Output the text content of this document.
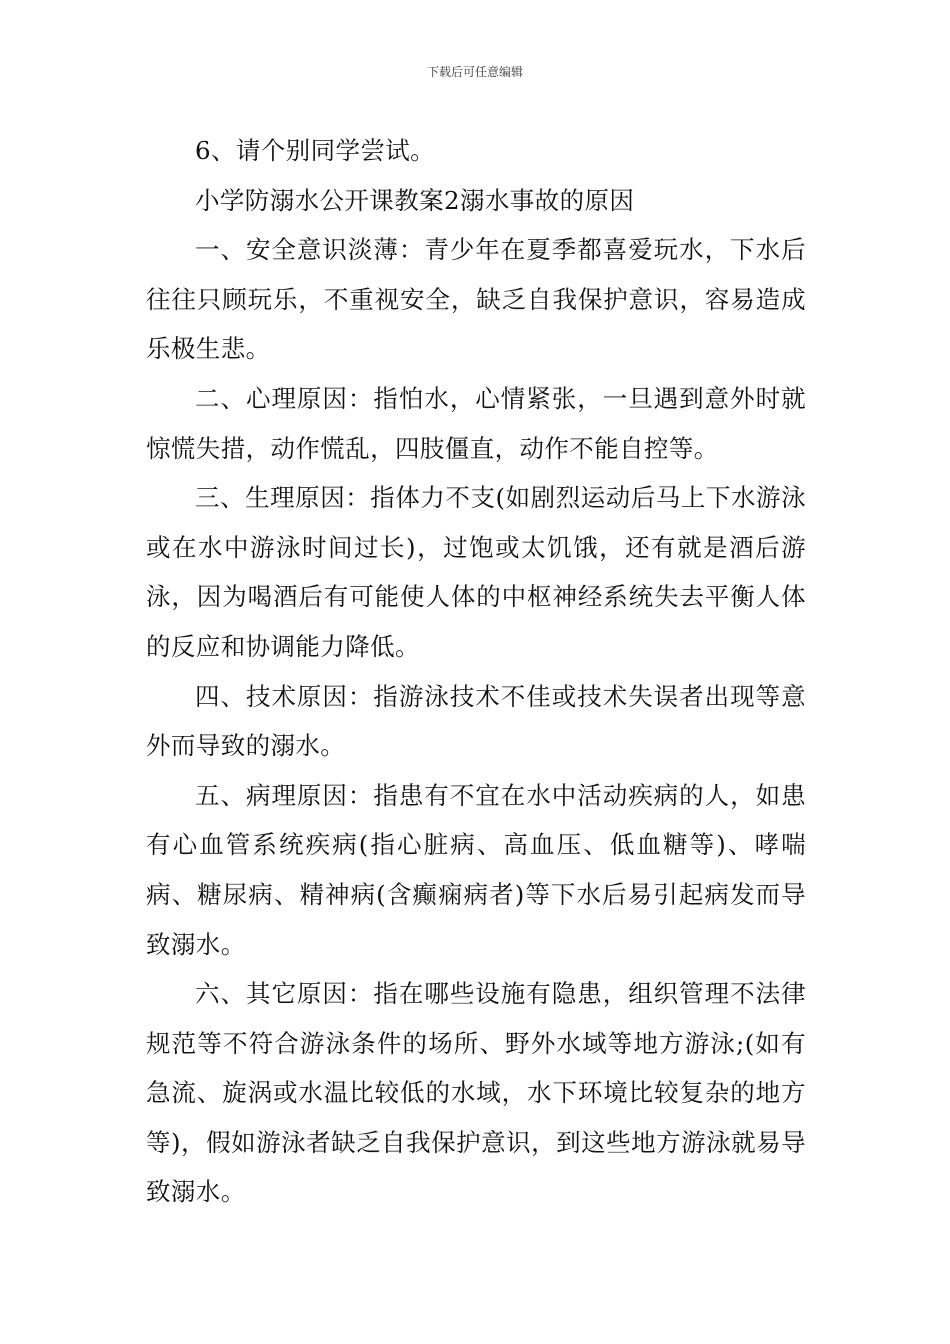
下载后可任意编辑

6、请个别同学尝试。

小学防溺水公开课教案2溺水事故的原因

一、安全意识淡薄：青少年在夏季都喜爱玩水，下水后往往只顾玩乐，不重视安全，缺乏自我保护意识，容易造成乐极生悲。

二、心理原因：指怕水，心情紧张，一旦遇到意外时就惊慌失措，动作慌乱，四肢僵直，动作不能自控等。

三、生理原因：指体力不支(如剧烈运动后马上下水游泳或在水中游泳时间过长)，过饱或太饥饿，还有就是酒后游泳，因为喝酒后有可能使人体的中枢神经系统失去平衡人体的反应和协调能力降低。

四、技术原因：指游泳技术不佳或技术失误者出现等意外而导致的溺水。

五、病理原因：指患有不宜在水中活动疾病的人，如患有心血管系统疾病(指心脏病、高血压、低血糖等)、哮喘病、糖尿病、精神病(含癫痫病者)等下水后易引起病发而导致溺水。

六、其它原因：指在哪些设施有隐患，组织管理不法律规范等不符合游泳条件的场所、野外水域等地方游泳;(如有急流、旋涡或水温比较低的水域，水下环境比较复杂的地方等)，假如游泳者缺乏自我保护意识，到这些地方游泳就易导致溺水。
